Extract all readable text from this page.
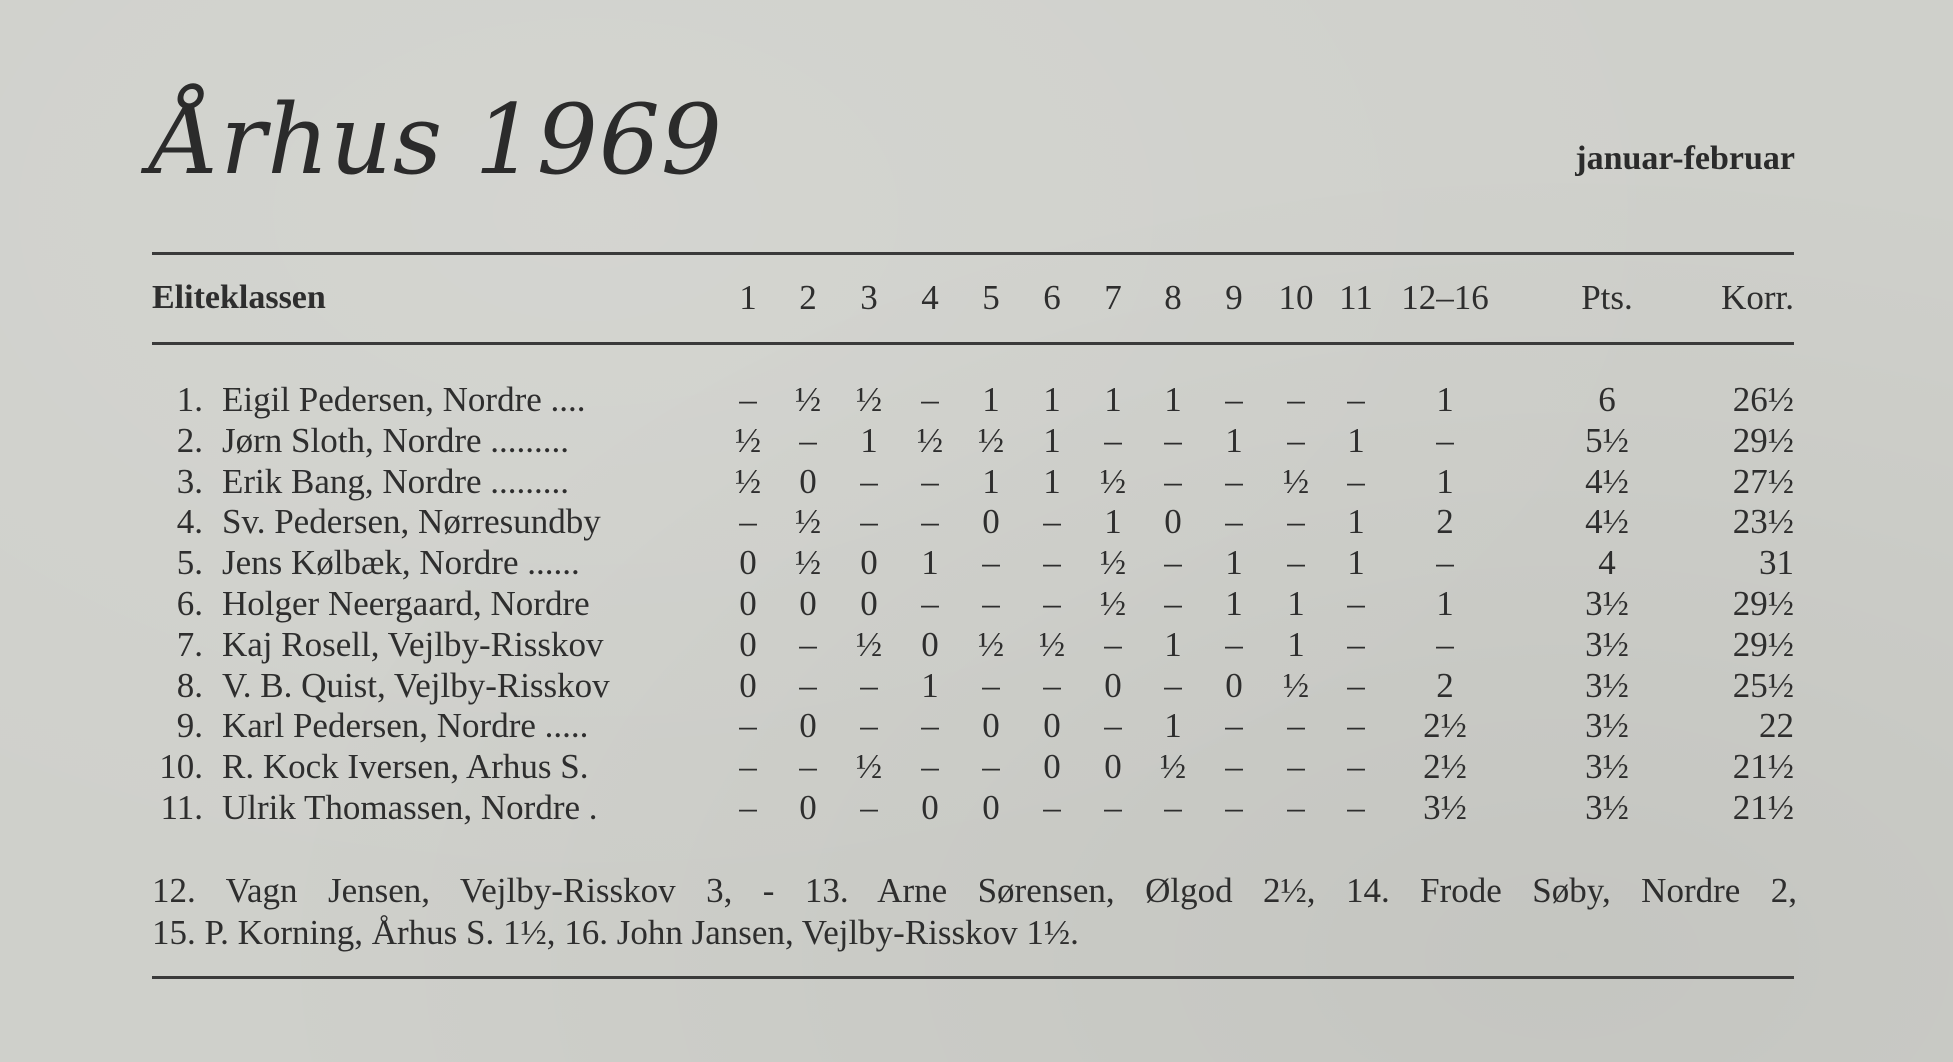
Århus 1969	januar-februar
Eliteklassen	1 2 3 4 5 6 7 8 9 10 11 12–16	Pts.	Korr.
1. Eigil Pedersen, Nordre ....	– ½ ½ – 1 1 1 1 – – – 1	6	26½
2. Jørn Sloth, Nordre .........	½ – 1 ½ ½ 1 – – 1 – 1 –	5½	29½
3. Erik Bang, Nordre .........	½ 0 – – 1 1 ½ – – ½ – 1	4½	27½
4. Sv. Pedersen, Nørresundby	– ½ – – 0 – 1 0 – – 1 2	4½	23½
5. Jens Kølbæk, Nordre ......	0 ½ 0 1 – – ½ – 1 – 1 –	4	31
6. Holger Neergaard, Nordre	0 0 0 – – – ½ – 1 1 – 1	3½	29½
7. Kaj Rosell, Vejlby-Risskov	0 – ½ 0 ½ ½ – 1 – 1 – –	3½	29½
8. V. B. Quist, Vejlby-Risskov	0 – – 1 – – 0 – 0 ½ – 2	3½	25½
9. Karl Pedersen, Nordre .....	– 0 – – 0 0 – 1 – – – 2½	3½	22
10. R. Kock Iversen, Arhus S.	– – ½ – – 0 0 ½ – – – 2½	3½	21½
11. Ulrik Thomassen, Nordre .	– 0 – 0 0 – – – – – – 3½	3½	21½
12. Vagn Jensen, Vejlby-Risskov 3, - 13. Arne Sørensen, Ølgod 2½, 14. Frode Søby, Nordre 2,
15. P. Korning, Århus S. 1½, 16. John Jansen, Vejlby-Risskov 1½.
